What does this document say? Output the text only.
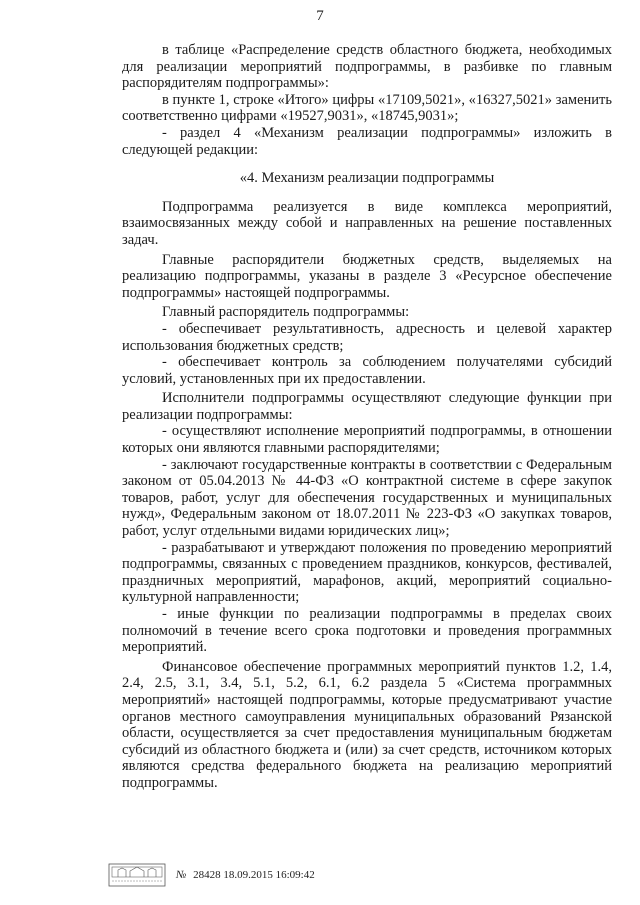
7

в таблице «Распределение средств областного бюджета, необходимых для реализации мероприятий подпрограммы, в разбивке по главным распорядителям подпрограммы»:

в пункте 1, строке «Итого» цифры «17109,5021», «16327,5021» заменить соответственно цифрами «19527,9031», «18745,9031»;

- раздел 4 «Механизм реализации подпрограммы» изложить в следующей редакции:

«4. Механизм реализации подпрограммы

Подпрограмма реализуется в виде комплекса мероприятий, взаимосвязанных между собой и направленных на решение поставленных задач.

Главные распорядители бюджетных средств, выделяемых на реализацию подпрограммы, указаны в разделе 3 «Ресурсное обеспечение подпрограммы» настоящей подпрограммы.

Главный распорядитель подпрограммы:

- обеспечивает результативность, адресность и целевой характер использования бюджетных средств;

- обеспечивает контроль за соблюдением получателями субсидий условий, установленных при их предоставлении.

Исполнители подпрограммы осуществляют следующие функции при реализации подпрограммы:

- осуществляют исполнение мероприятий подпрограммы, в отношении которых они являются главными распорядителями;

- заключают государственные контракты в соответствии с Федеральным законом от 05.04.2013 № 44-ФЗ «О контрактной системе в сфере закупок товаров, работ, услуг для обеспечения государственных и муниципальных нужд», Федеральным законом от 18.07.2011 № 223-ФЗ «О закупках товаров, работ, услуг отдельными видами юридических лиц»;

- разрабатывают и утверждают положения по проведению мероприятий подпрограммы, связанных с проведением праздников, конкурсов, фестивалей, праздничных мероприятий, марафонов, акций, мероприятий социально-культурной направленности;

- иные функции по реализации подпрограммы в пределах своих полномочий в течение всего срока подготовки и проведения программных мероприятий.

Финансовое обеспечение программных мероприятий пунктов 1.2, 1.4, 2.4, 2.5, 3.1, 3.4, 5.1, 5.2, 6.1, 6.2 раздела 5 «Система программных мероприятий» настоящей подпрограммы, которые предусматривают участие органов местного самоуправления муниципальных образований Рязанской области, осуществляется за счет предоставления муниципальным бюджетам субсидий из областного бюджета и (или) за счет средств, источником которых являются средства федерального бюджета на реализацию мероприятий подпрограммы.

№ 28428 18.09.2015 16:09:42
